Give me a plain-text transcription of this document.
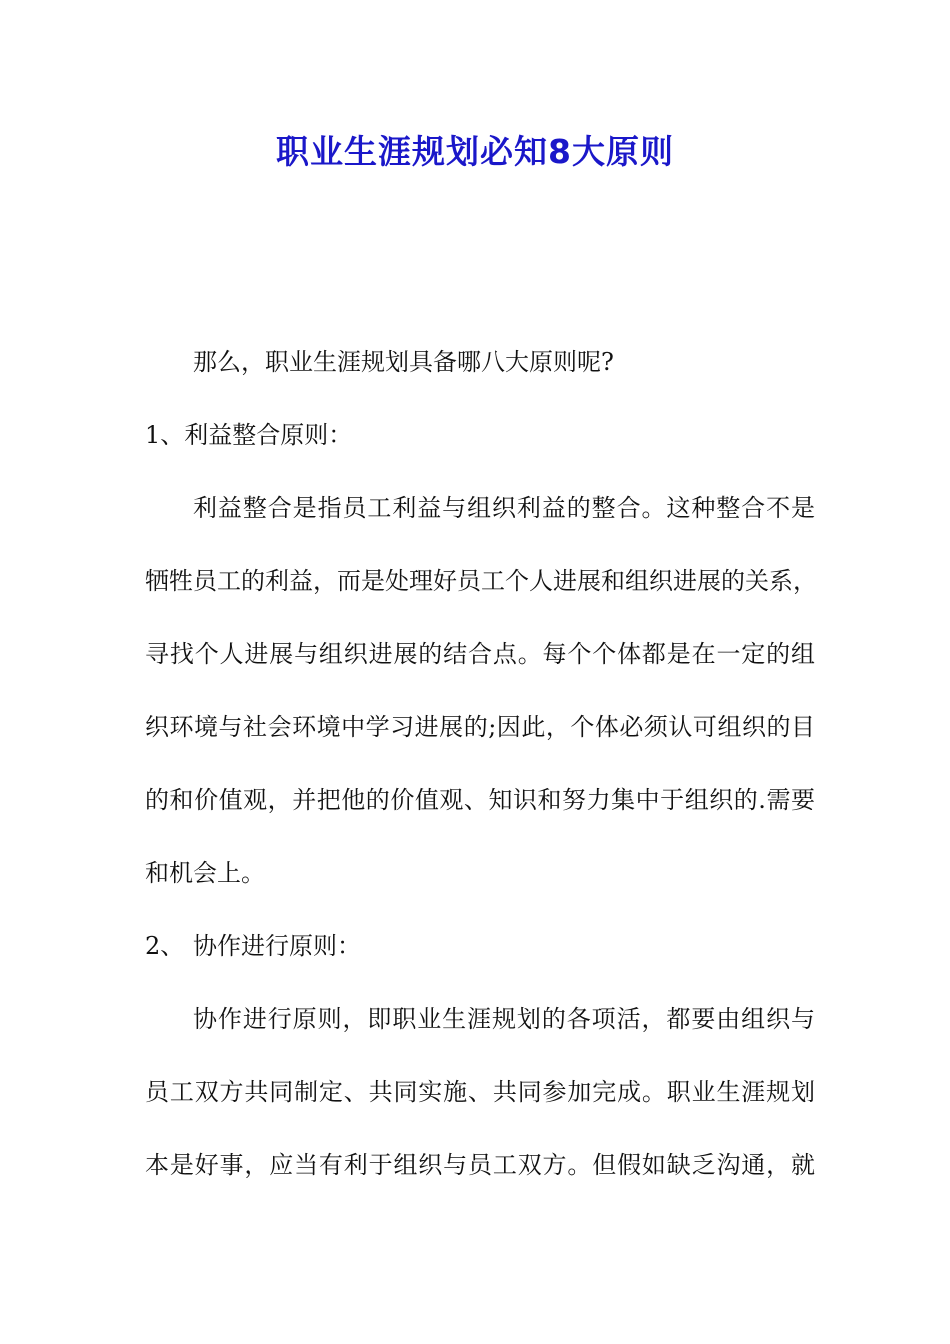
职业生涯规划必知8大原则

那么，职业生涯规划具备哪八大原则呢?

1、利益整合原则：

利益整合是指员工利益与组织利益的整合。这种整合不是

牺牲员工的利益，而是处理好员工个人进展和组织进展的关系，

寻找个人进展与组织进展的结合点。每个个体都是在一定的组

织环境与社会环境中学习进展的;因此，个体必须认可组织的目

的和价值观，并把他的价值观、知识和努力集中于组织的.需要

和机会上。

2、 协作进行原则：

协作进行原则，即职业生涯规划的各项活，都要由组织与

员工双方共同制定、共同实施、共同参加完成。职业生涯规划

本是好事，应当有利于组织与员工双方。但假如缺乏沟通，就
